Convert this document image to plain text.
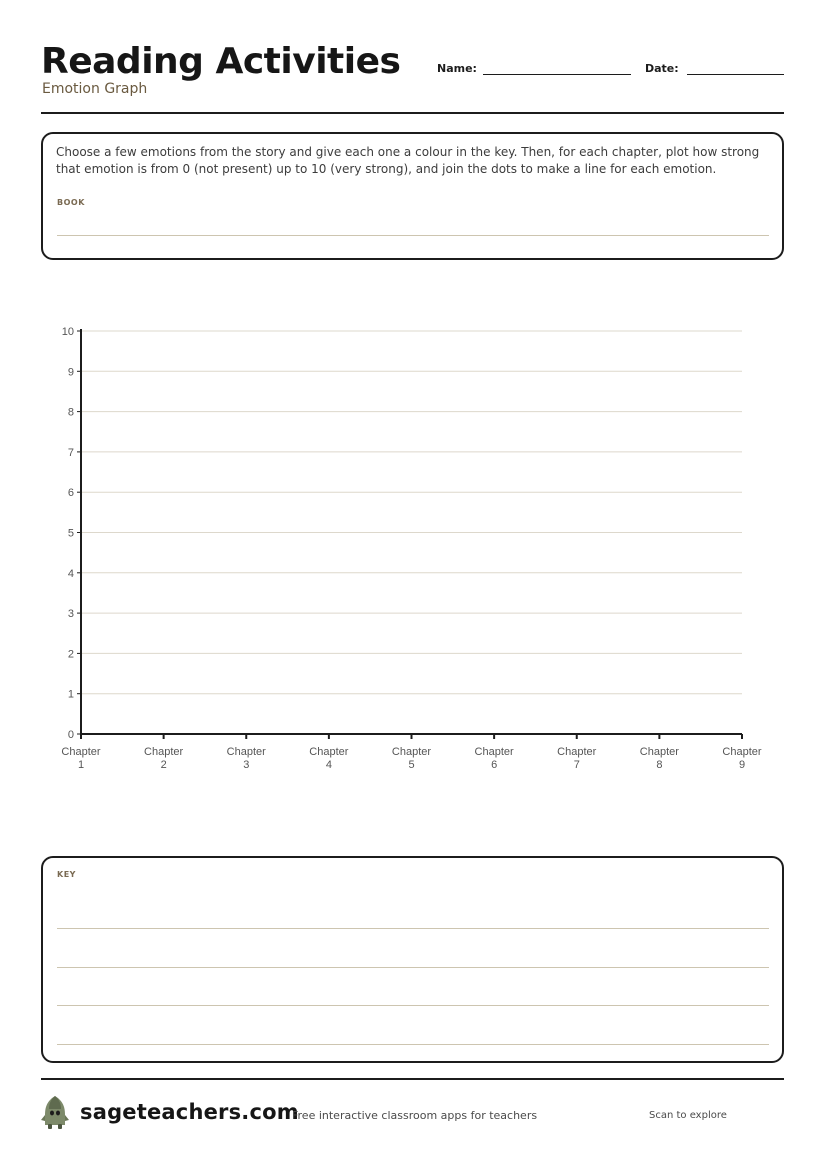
Reading Activities
Emotion Graph
Name:	Date:
Choose a few emotions from the story and give each one a colour in the key. Then, for each chapter, plot how strong that emotion is from 0 (not present) up to 10 (very strong), and join the dots to make a line for each emotion.
BOOK
0
1
2
3
4
5
6
7
8
9
10
Chapter 1
Chapter 2
Chapter 3
Chapter 4
Chapter 5
Chapter 6
Chapter 7
Chapter 8
Chapter 9
KEY
sageteachers.com
Free interactive classroom apps for teachers	Scan to explore
